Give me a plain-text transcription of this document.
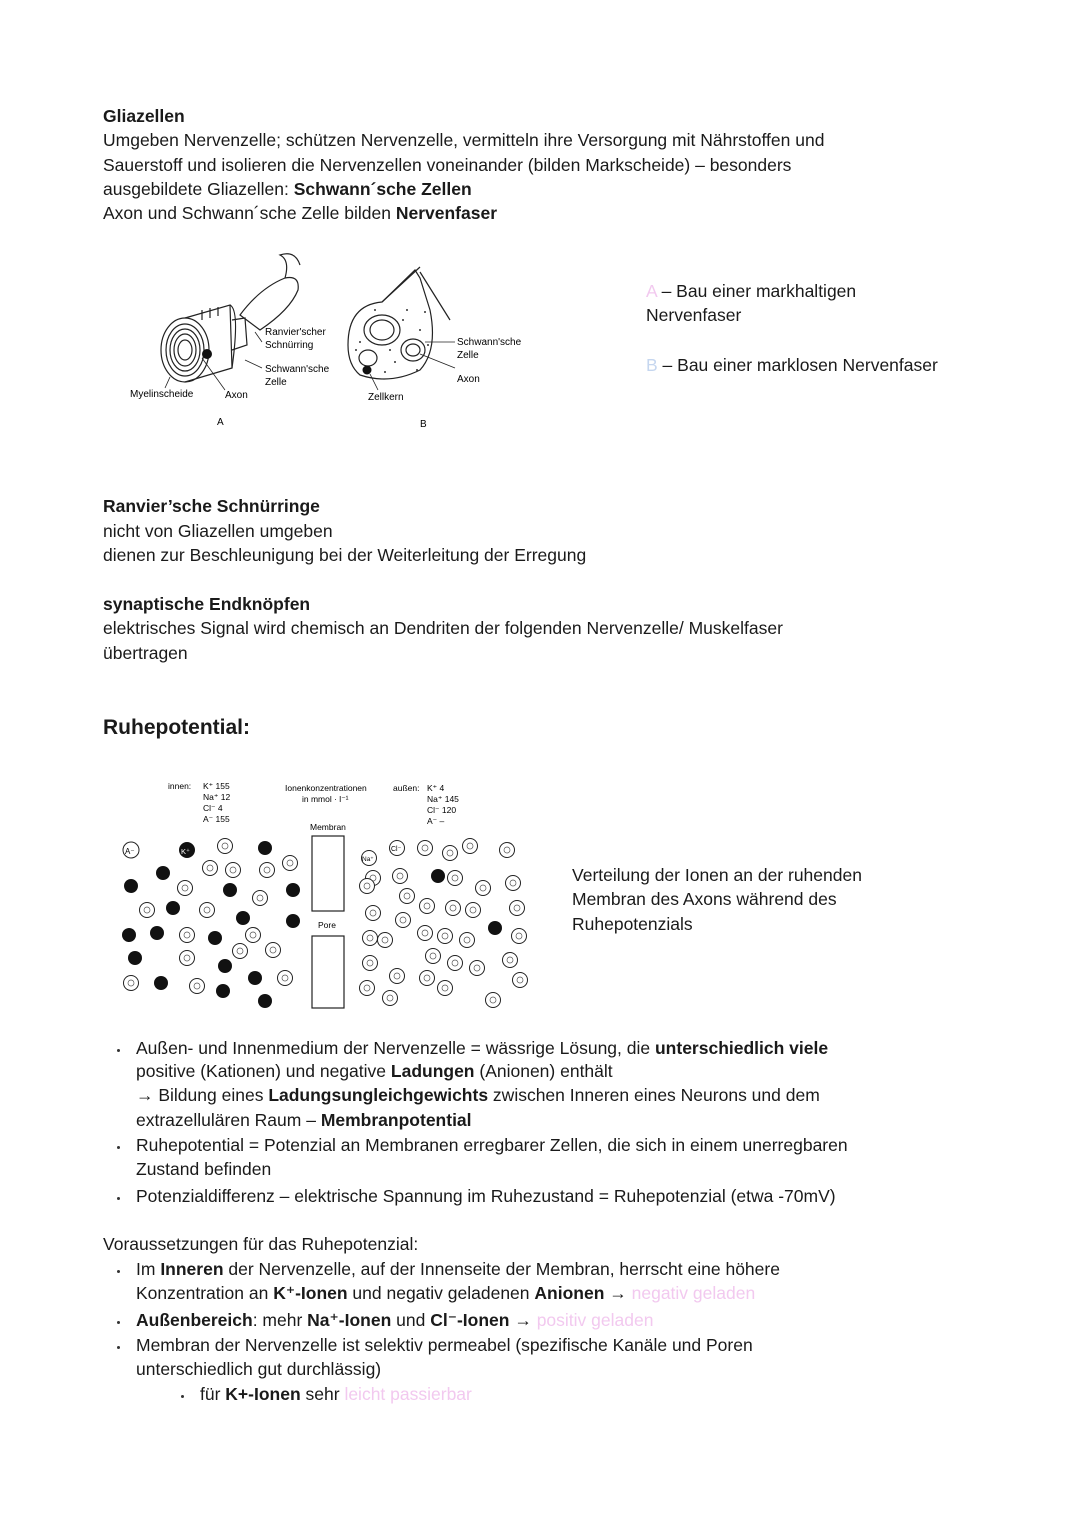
Gliazellen
Umgeben Nervenzelle; schützen Nervenzelle, vermitteln ihre Versorgung mit Nährstoffen und
Sauerstoff und isolieren die Nervenzellen voneinander (bilden Markscheide) – besonders
ausgebildete Gliazellen: Schwann´sche Zellen
Axon und Schwann´sche Zelle bilden Nervenfaser
Myelinscheide	Axon
Ranvier'scher
Schnürring
Schwann'sche
Zelle
A
Schwann'sche
Zelle
Axon
Zellkern
B
A – Bau einer markhaltigen
Nervenfaser
B – Bau einer marklosen Nervenfaser
Ranvier’sche Schnürringe
nicht von Gliazellen umgeben
dienen zur Beschleunigung bei der Weiterleitung der Erregung
synaptische Endknöpfen
elektrisches Signal wird chemisch an Dendriten der folgenden Nervenzelle/ Muskelfaser
übertragen
Ruhepotential:
innen: K⁺ 155
Na⁺ 12
Cl⁻ 4
A⁻ 155
Ionenkonzentrationen
in mmol · l⁻¹
außen: K⁺ 4
Na⁺ 145
Cl⁻ 120
A⁻ –
Membran
Pore
A⁻	K⁺
Na⁺
Cl⁻
Verteilung der Ionen an der ruhenden
Membran des Axons während des
Ruhepotenzials
Außen- und Innenmedium der Nervenzelle = wässrige Lösung, die unterschiedlich viele
positive (Kationen) und negative Ladungen (Anionen) enthält
→ Bildung eines Ladungsungleichgewichts zwischen Inneren eines Neurons und dem
extrazellulären Raum – Membranpotential
Ruhepotential = Potenzial an Membranen erregbarer Zellen, die sich in einem unerregbaren
Zustand befinden
Potenzialdifferenz – elektrische Spannung im Ruhezustand = Ruhepotenzial (etwa -70mV)
Voraussetzungen für das Ruhepotenzial:
Im Inneren der Nervenzelle, auf der Innenseite der Membran, herrscht eine höhere
Konzentration an K⁺-Ionen und negativ geladenen Anionen → negativ geladen
Außenbereich: mehr Na⁺-Ionen und Cl⁻-Ionen → positiv geladen
Membran der Nervenzelle ist selektiv permeabel (spezifische Kanäle und Poren
unterschiedlich gut durchlässig)
für K+-Ionen sehr leicht passierbar
